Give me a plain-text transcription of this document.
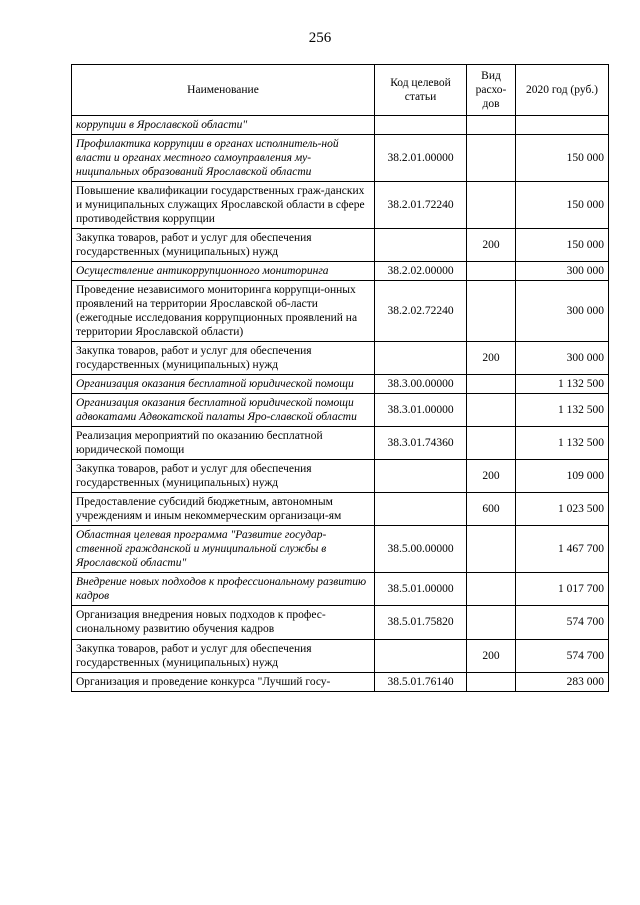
256
Наименование	Код целевой статьи	Вид расхо-дов	2020 год (руб.)
коррупции в Ярославской области"			
Профилактика коррупции в органах исполнитель-ной власти и органах местного самоуправления му-ниципальных образований Ярославской области	38.2.01.00000		150 000
Повышение квалификации государственных граж-данских и муниципальных служащих Ярославской области в сфере противодействия коррупции	38.2.01.72240		150 000
Закупка товаров, работ и услуг для обеспечения государственных (муниципальных) нужд		200	150 000
Осуществление антикоррупционного мониторинга	38.2.02.00000		300 000
Проведение независимого мониторинга коррупци-онных проявлений на территории Ярославской об-ласти (ежегодные исследования коррупционных проявлений на территории Ярославской области)	38.2.02.72240		300 000
Закупка товаров, работ и услуг для обеспечения государственных (муниципальных) нужд		200	300 000
Организация оказания бесплатной юридической помощи	38.3.00.00000		1 132 500
Организация оказания бесплатной юридической помощи адвокатами Адвокатской палаты Яро-славской области	38.3.01.00000		1 132 500
Реализация мероприятий по оказанию бесплатной юридической помощи	38.3.01.74360		1 132 500
Закупка товаров, работ и услуг для обеспечения государственных (муниципальных) нужд		200	109 000
Предоставление субсидий бюджетным, автономным учреждениям и иным некоммерческим организаци-ям		600	1 023 500
Областная целевая программа "Развитие государ-ственной гражданской и муниципальной службы в Ярославской области"	38.5.00.00000		1 467 700
Внедрение новых подходов к профессиональному развитию кадров	38.5.01.00000		1 017 700
Организация внедрения новых подходов к профес-сиональному развитию обучения кадров	38.5.01.75820		574 700
Закупка товаров, работ и услуг для обеспечения государственных (муниципальных) нужд		200	574 700
Организация и проведение конкурса "Лучший госу-	38.5.01.76140		283 000
